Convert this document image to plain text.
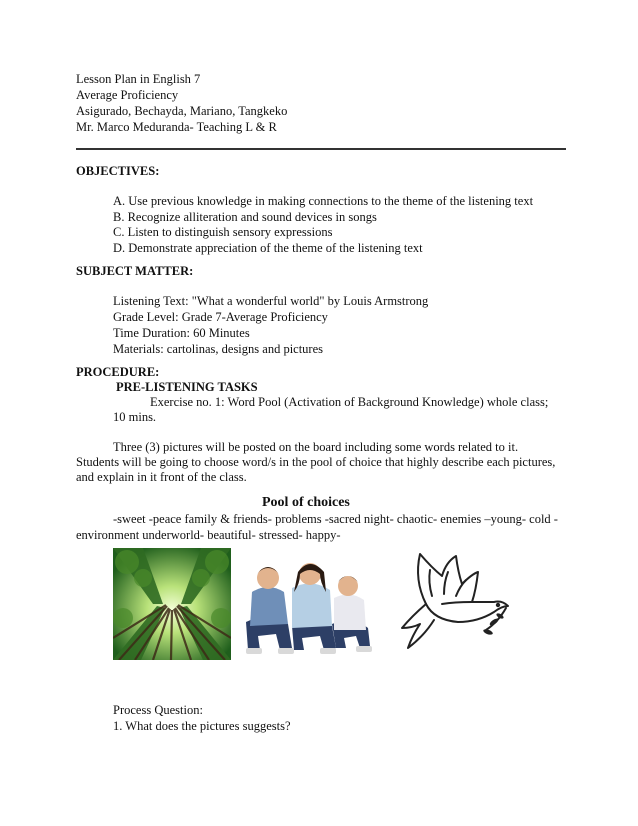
Lesson Plan in English 7
Average Proficiency
Asigurado, Bechayda, Mariano, Tangkeko
Mr. Marco Meduranda- Teaching L & R
OBJECTIVES:
A. Use previous knowledge in making connections to the theme of the listening text
B. Recognize alliteration and sound devices in songs
C. Listen to distinguish sensory expressions
D. Demonstrate appreciation of the theme of the listening text
SUBJECT MATTER:
Listening Text: "What a wonderful world" by Louis Armstrong
Grade Level: Grade 7-Average Proficiency
Time Duration: 60 Minutes
Materials: cartolinas, designs and pictures
PROCEDURE:
PRE-LISTENING TASKS
Exercise no. 1: Word Pool (Activation of Background Knowledge) whole class;
10 mins.
Three (3) pictures will be posted on the board including some words related to it.
Students will be going to choose word/s in the pool of choice that highly describe each pictures,
and explain in it front of the class.
Pool of choices
-sweet -peace family & friends- problems -sacred night- chaotic- enemies –young- cold -
environment underworld- beautiful- stressed- happy-
Process Question:
1. What does the pictures suggests?
